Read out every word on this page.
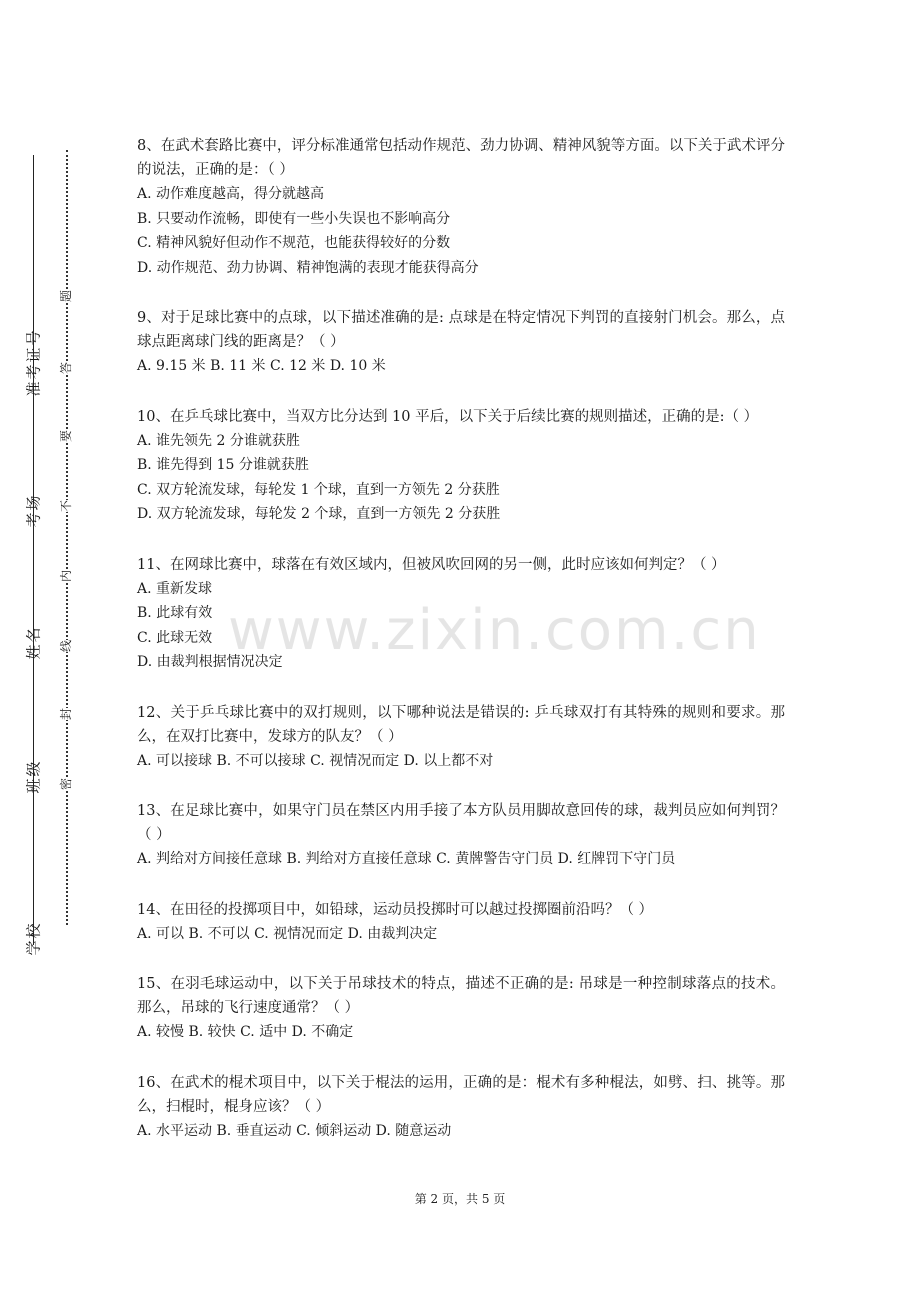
准考证号
考场
姓名
班级
学校
题
答
要
不
内
线
封
密
www.zixin.com.cn

8、在武术套路比赛中，评分标准通常包括动作规范、劲力协调、精神风貌等方面。以下关于武术评分的说法，正确的是：（ ）

A. 动作难度越高，得分就越高

B. 只要动作流畅，即使有一些小失误也不影响高分

C. 精神风貌好但动作不规范，也能获得较好的分数

D. 动作规范、劲力协调、精神饱满的表现才能获得高分

9、对于足球比赛中的点球，以下描述准确的是: 点球是在特定情况下判罚的直接射门机会。那么，点球点距离球门线的距离是？（ ）

A. 9.15 米 B. 11 米 C. 12 米 D. 10 米

10、在乒乓球比赛中，当双方比分达到 10 平后，以下关于后续比赛的规则描述，正确的是:（ ）

A. 谁先领先 2 分谁就获胜

B. 谁先得到 15 分谁就获胜

C. 双方轮流发球，每轮发 1 个球，直到一方领先 2 分获胜

D. 双方轮流发球，每轮发 2 个球，直到一方领先 2 分获胜

11、在网球比赛中，球落在有效区域内，但被风吹回网的另一侧，此时应该如何判定？（ ）

A. 重新发球

B. 此球有效

C. 此球无效

D. 由裁判根据情况决定

12、关于乒乓球比赛中的双打规则，以下哪种说法是错误的: 乒乓球双打有其特殊的规则和要求。那么，在双打比赛中，发球方的队友？（ ）

A. 可以接球 B. 不可以接球 C. 视情况而定 D. 以上都不对

13、在足球比赛中，如果守门员在禁区内用手接了本方队员用脚故意回传的球，裁判员应如何判罚？（ ）

A. 判给对方间接任意球 B. 判给对方直接任意球 C. 黄牌警告守门员 D. 红牌罚下守门员

14、在田径的投掷项目中，如铅球，运动员投掷时可以越过投掷圈前沿吗？（ ）

A. 可以 B. 不可以 C. 视情况而定 D. 由裁判决定

15、在羽毛球运动中，以下关于吊球技术的特点，描述不正确的是: 吊球是一种控制球落点的技术。那么，吊球的飞行速度通常？（ ）

A. 较慢 B. 较快 C. 适中 D. 不确定

16、在武术的棍术项目中，以下关于棍法的运用，正确的是：棍术有多种棍法，如劈、扫、挑等。那么，扫棍时，棍身应该？（ ）

A. 水平运动 B. 垂直运动 C. 倾斜运动 D. 随意运动

第 2 页，共 5 页
